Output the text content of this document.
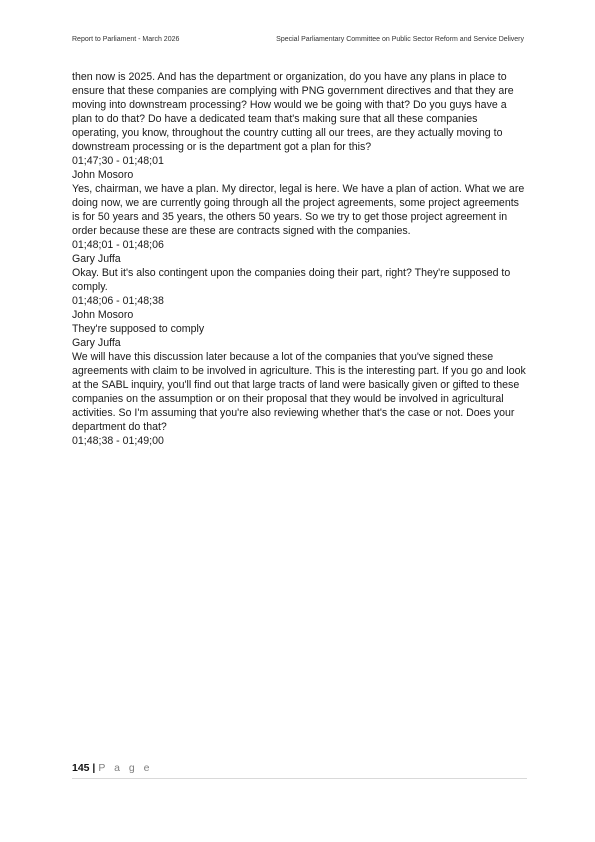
Report to Parliament - March 2026	Special Parliamentary Committee on Public Sector Reform and Service Delivery

then now is 2025. And has the department or organization, do you have any plans in place to ensure that these companies are complying with PNG government directives and that they are moving into downstream processing? How would we be going with that? Do you guys have a plan to do that? Do have a dedicated team that's making sure that all these companies operating, you know, throughout the country cutting all our trees, are they actually moving to downstream processing or is the department got a plan for this?

01;47;30 - 01;48;01

John Mosoro

Yes, chairman, we have a plan. My director, legal is here. We have a plan of action. What we are doing now, we are currently going through all the project agreements, some project agreements is for 50 years and 35 years, the others 50 years. So we try to get those project agreement in order because these are these are contracts signed with the companies.

01;48;01 - 01;48;06

Gary Juffa

Okay. But it's also contingent upon the companies doing their part, right? They're supposed to comply.

01;48;06 - 01;48;38

John Mosoro

They're supposed to comply

Gary Juffa

We will have this discussion later because a lot of the companies that you've signed these agreements with claim to be involved in agriculture. This is the interesting part. If you go and look at the SABL inquiry, you'll find out that large tracts of land were basically given or gifted to these companies on the assumption or on their proposal that they would be involved in agricultural activities. So I'm assuming that you're also reviewing whether that's the case or not. Does your department do that?

01;48;38 - 01;49;00

145 | P a g e
